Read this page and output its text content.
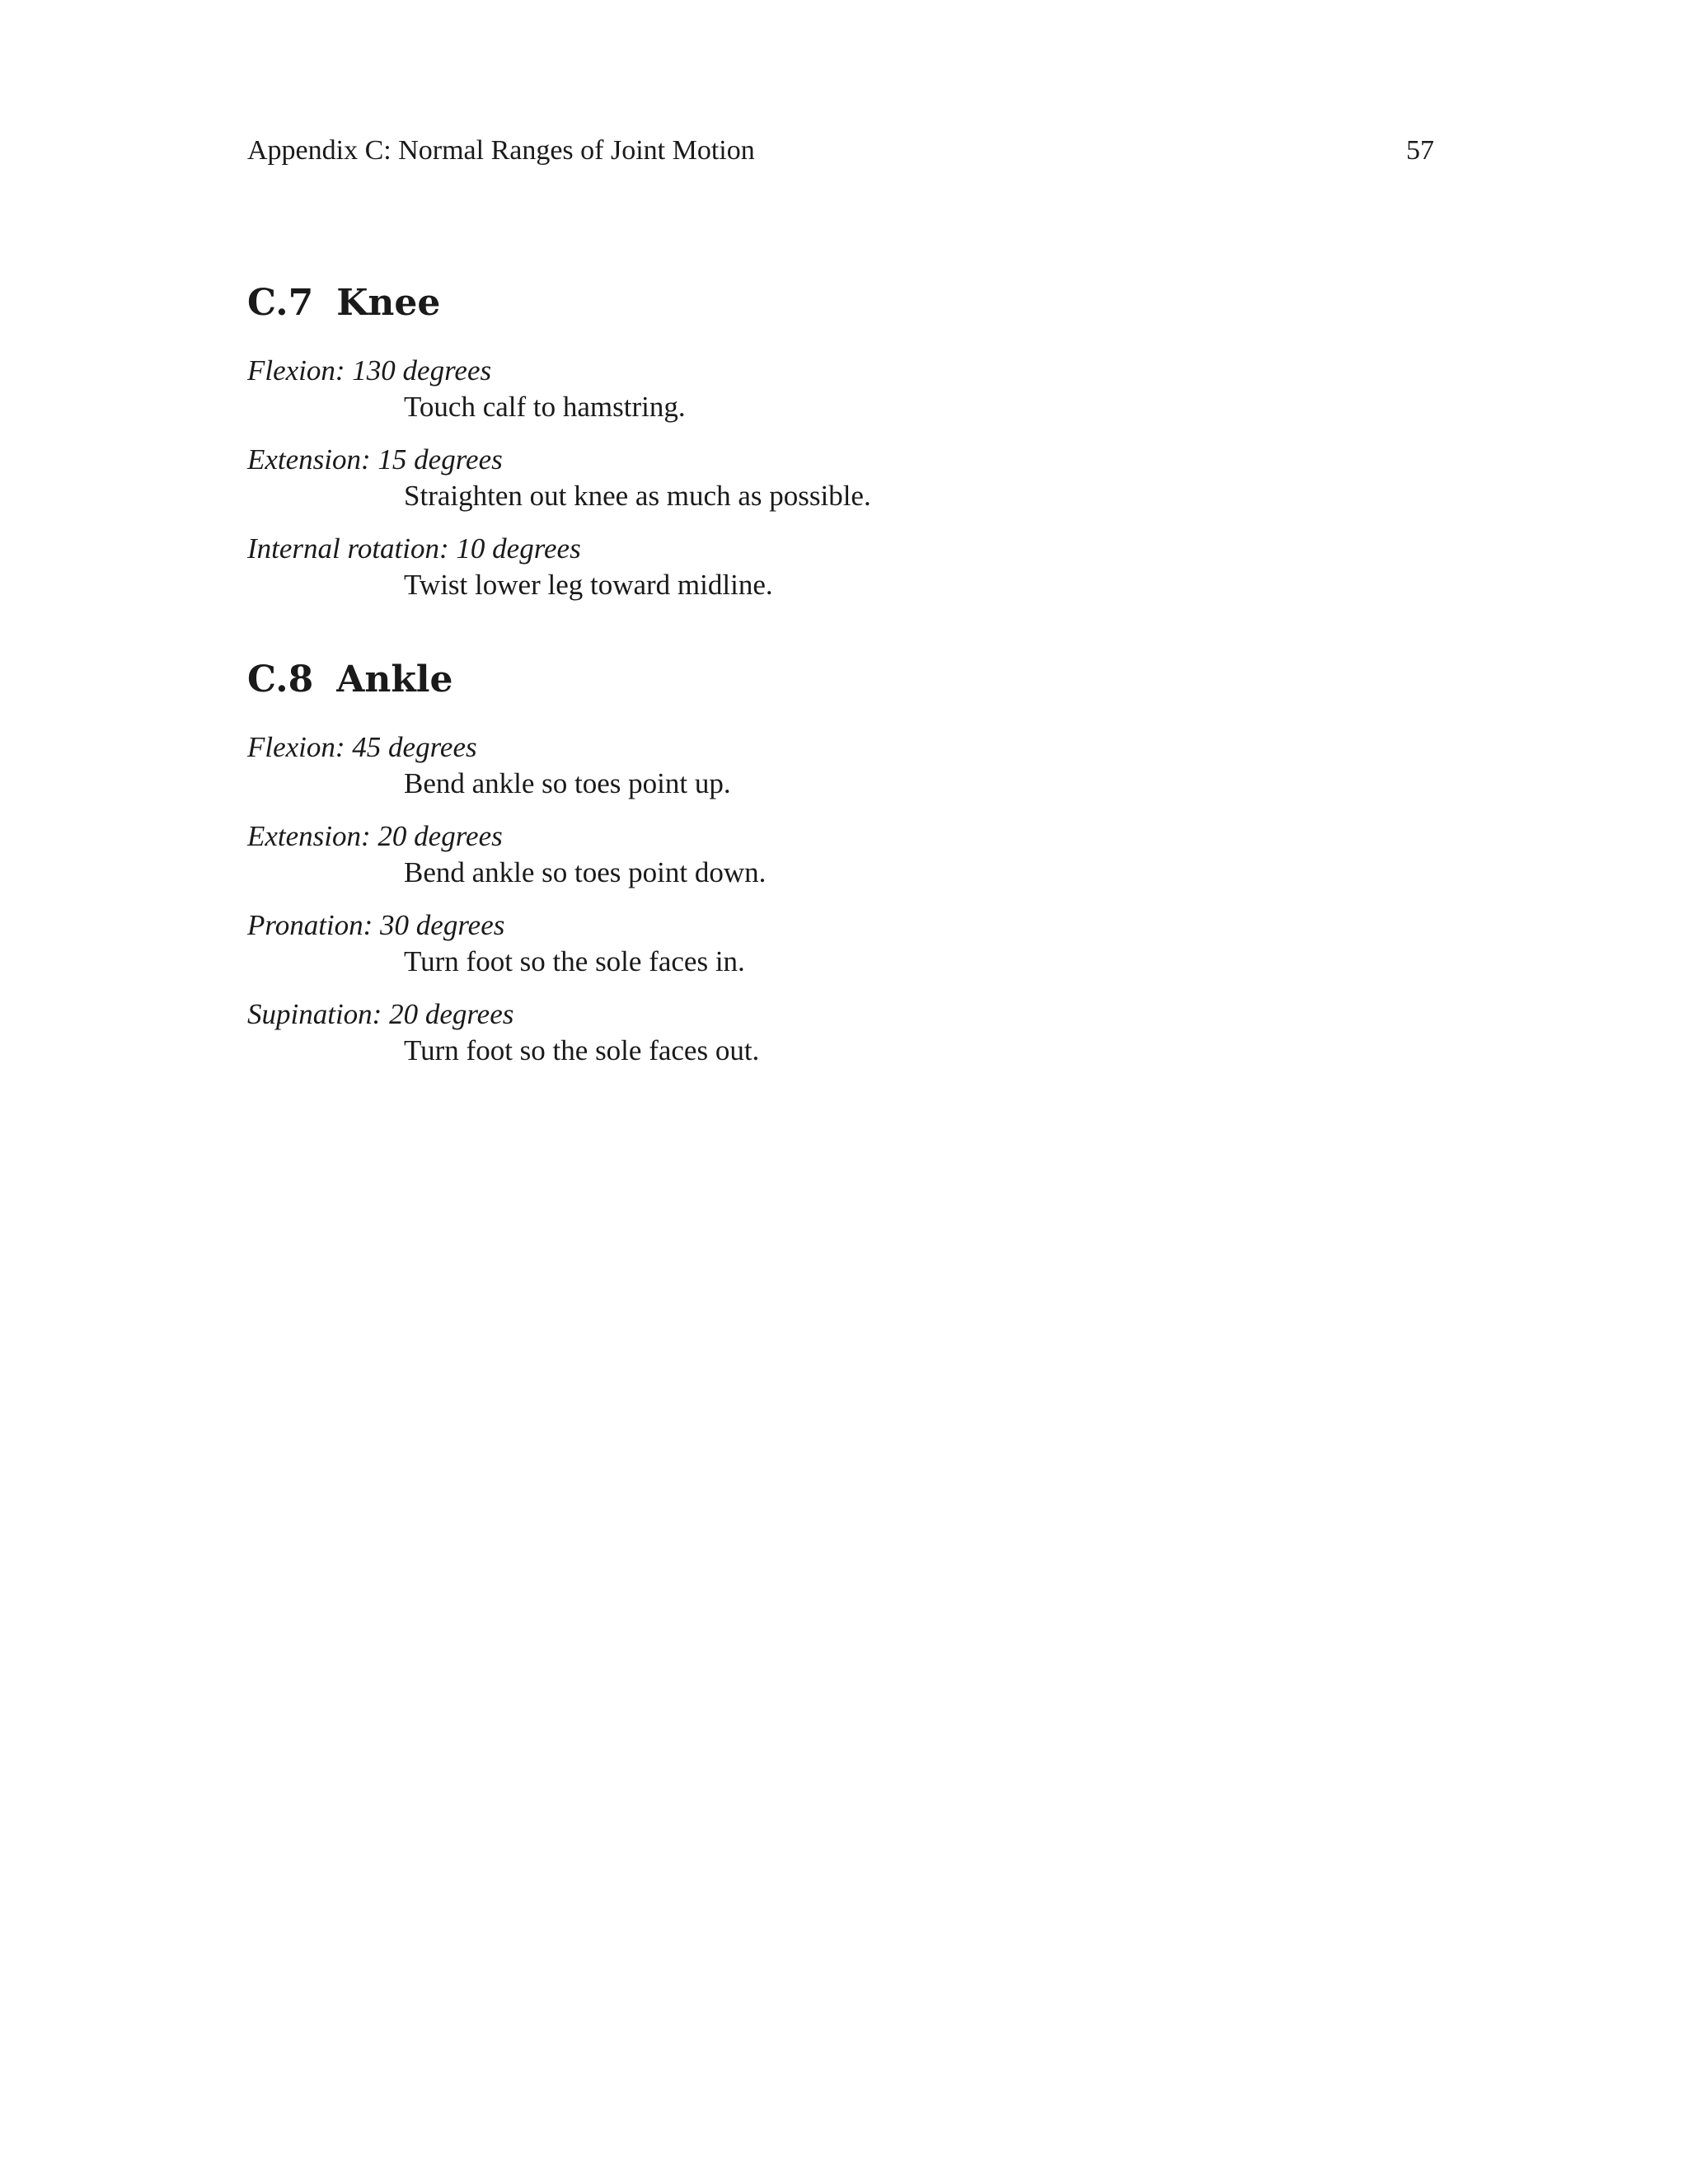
Appendix C: Normal Ranges of Joint Motion	57
C.7 Knee
Flexion: 130 degrees
Touch calf to hamstring.
Extension: 15 degrees
Straighten out knee as much as possible.
Internal rotation: 10 degrees
Twist lower leg toward midline.
C.8 Ankle
Flexion: 45 degrees
Bend ankle so toes point up.
Extension: 20 degrees
Bend ankle so toes point down.
Pronation: 30 degrees
Turn foot so the sole faces in.
Supination: 20 degrees
Turn foot so the sole faces out.
